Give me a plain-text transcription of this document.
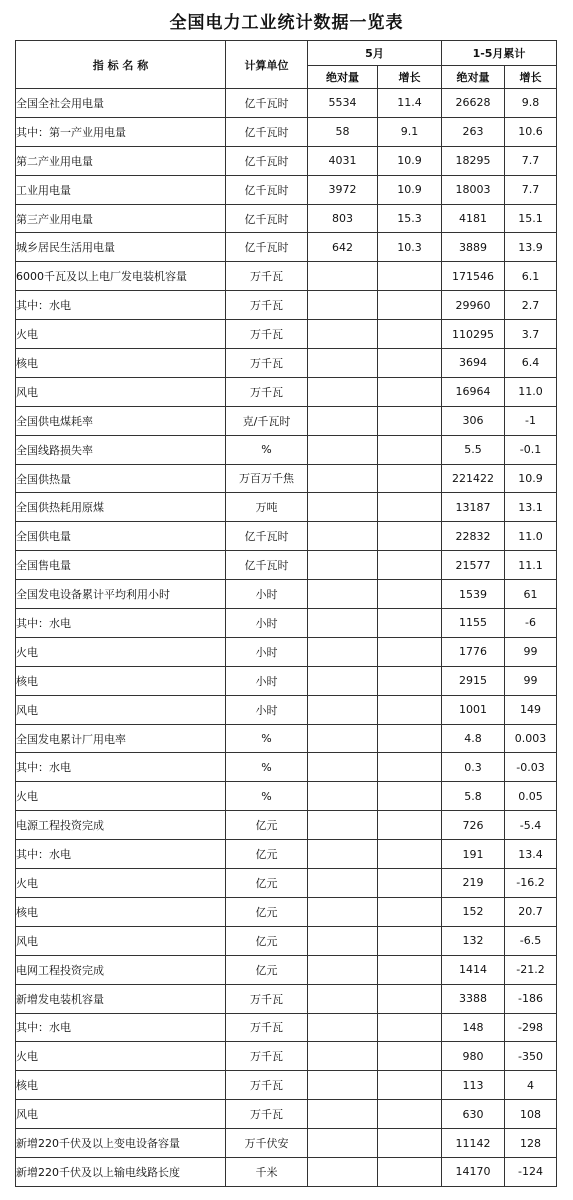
全国电力工业统计数据一览表
指 标 名 称	计算单位	5月		1-5月累计	
		绝对量	增长	绝对量	增长
全国全社会用电量	亿千瓦时	5534	11.4	26628	9.8
其中：第一产业用电量	亿千瓦时	58	9.1	263	10.6
第二产业用电量	亿千瓦时	4031	10.9	18295	7.7
工业用电量	亿千瓦时	3972	10.9	18003	7.7
第三产业用电量	亿千瓦时	803	15.3	4181	15.1
城乡居民生活用电量	亿千瓦时	642	10.3	3889	13.9
6000千瓦及以上电厂发电装机容量	万千瓦			171546	6.1
其中：水电	万千瓦			29960	2.7
火电	万千瓦			110295	3.7
核电	万千瓦			3694	6.4
风电	万千瓦			16964	11.0
全国供电煤耗率	克/千瓦时			306	-1
全国线路损失率	%			5.5	-0.1
全国供热量	万百万千焦			221422	10.9
全国供热耗用原煤	万吨			13187	13.1
全国供电量	亿千瓦时			22832	11.0
全国售电量	亿千瓦时			21577	11.1
全国发电设备累计平均利用小时	小时			1539	61
其中：水电	小时			1155	-6
火电	小时			1776	99
核电	小时			2915	99
风电	小时			1001	149
全国发电累计厂用电率	%			4.8	0.003
其中：水电	%			0.3	-0.03
火电	%			5.8	0.05
电源工程投资完成	亿元			726	-5.4
其中：水电	亿元			191	13.4
火电	亿元			219	-16.2
核电	亿元			152	20.7
风电	亿元			132	-6.5
电网工程投资完成	亿元			1414	-21.2
新增发电装机容量	万千瓦			3388	-186
其中：水电	万千瓦			148	-298
火电	万千瓦			980	-350
核电	万千瓦			113	4
风电	万千瓦			630	108
新增220千伏及以上变电设备容量	万千伏安			11142	128
新增220千伏及以上输电线路长度	千米			14170	-124
